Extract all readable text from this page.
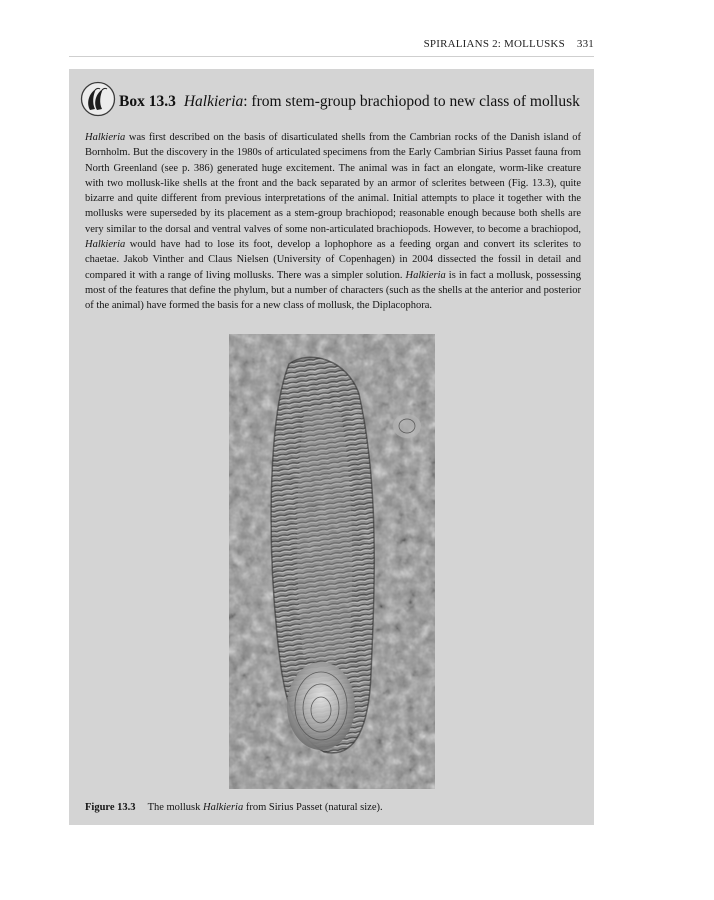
SPIRALIANS 2: MOLLUSKS 331
Box 13.3 Halkieria: from stem-group brachiopod to new class of mollusk

Halkieria was first described on the basis of disarticulated shells from the Cambrian rocks of the Danish island of Bornholm. But the discovery in the 1980s of articulated specimens from the Early Cambrian Sirius Passet fauna from North Greenland (see p. 386) generated huge excitement. The animal was in fact an elongate, worm-like creature with two mollusk-like shells at the front and the back separated by an armor of sclerites between (Fig. 13.3), quite bizarre and quite different from previous interpretations of the animal. Initial attempts to place it together with the mollusks were superseded by its placement as a stem-group brachiopod; reasonable enough because both shells are very similar to the dorsal and ventral valves of some non-articulated brachiopods. However, to become a brachiopod, Halkieria would have had to lose its foot, develop a lophophore as a feeding organ and convert its sclerites to chaetae. Jakob Vinther and Claus Nielsen (University of Copenhagen) in 2004 dissected the fossil in detail and compared it with a range of living mollusks. There was a simpler solution. Halkieria is in fact a mollusk, possessing most of the features that define the phylum, but a number of characters (such as the shells at the anterior and posterior of the animal) have formed the basis for a new class of mollusk, the Diplacophora.

Figure 13.3 The mollusk Halkieria from Sirius Passet (natural size).
